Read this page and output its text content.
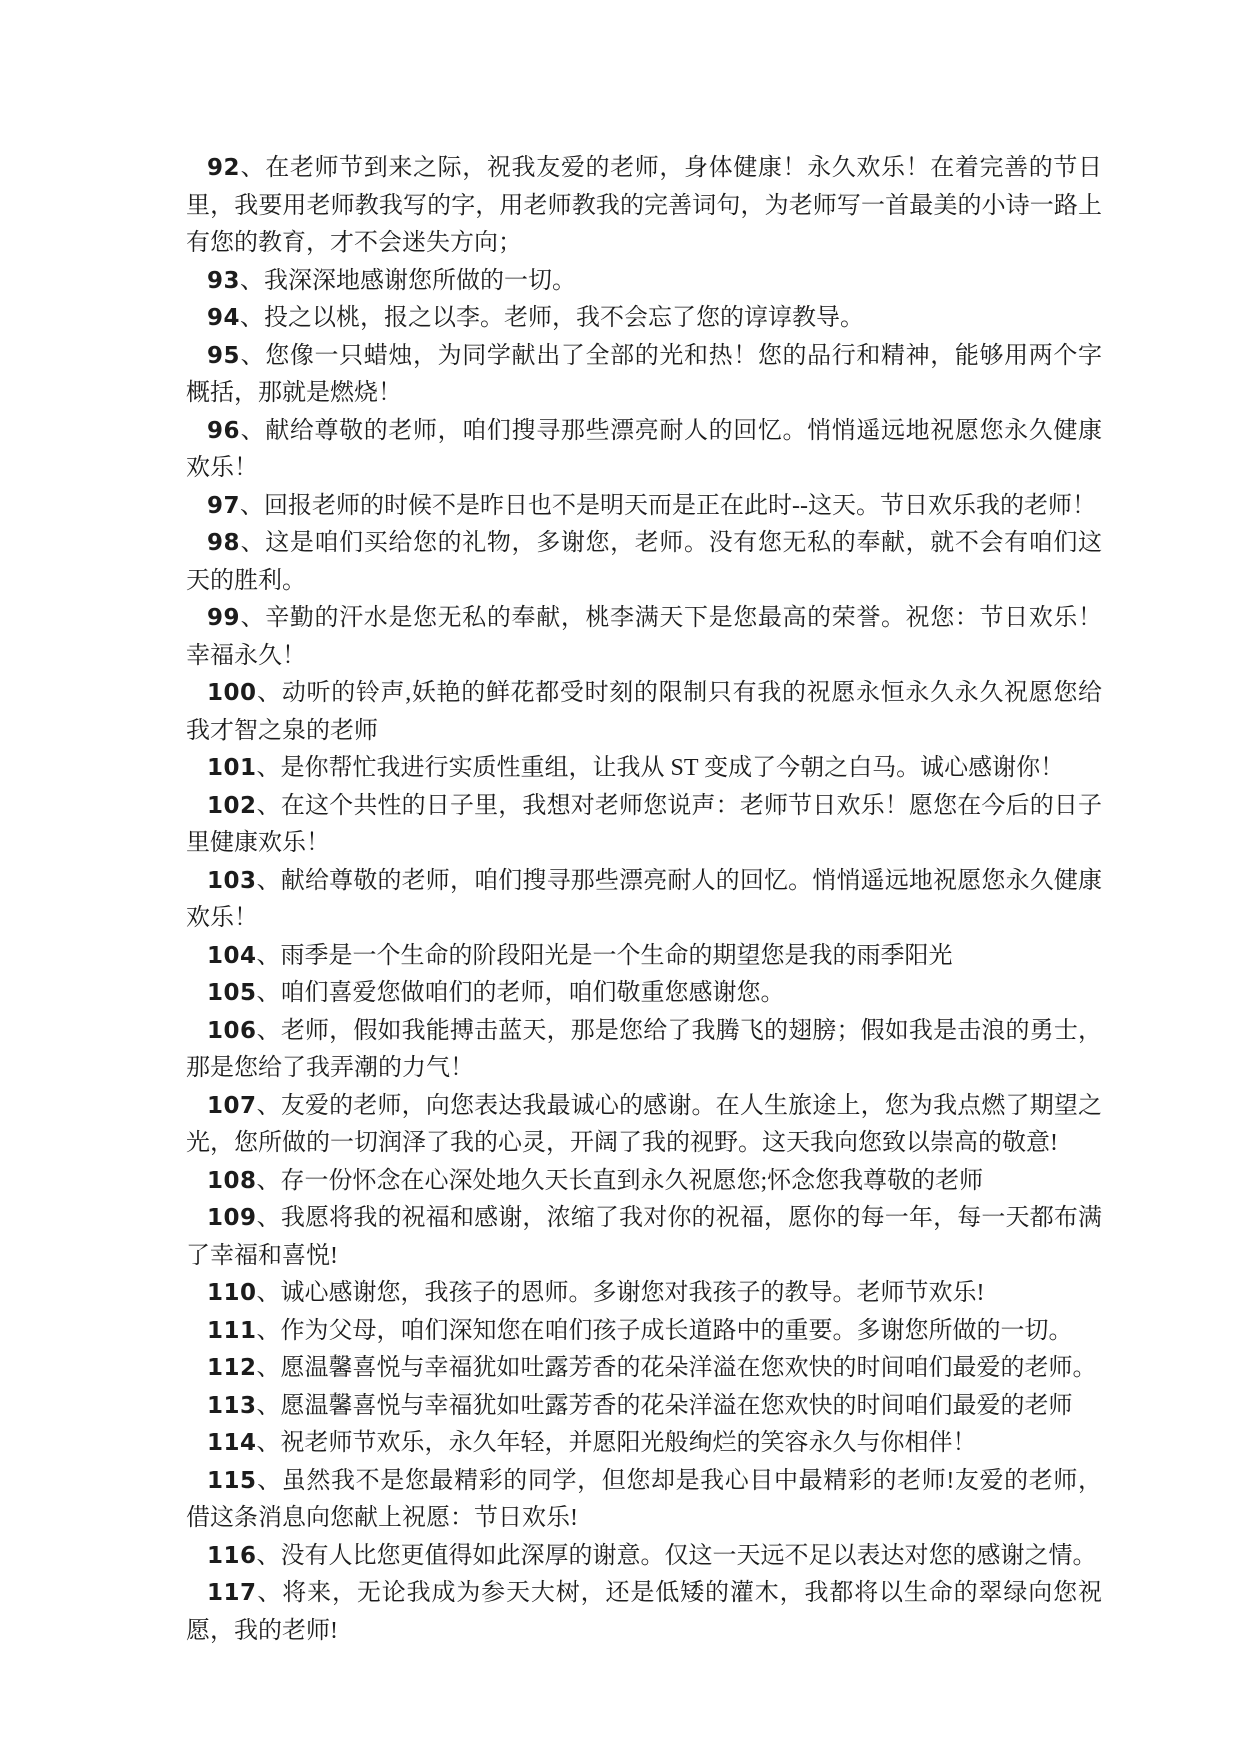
92、在老师节到来之际，祝我友爱的老师，身体健康！永久欢乐！在着完善的节日里，我要用老师教我写的字，用老师教我的完善词句，为老师写一首最美的小诗一路上有您的教育，才不会迷失方向；

93、我深深地感谢您所做的一切。

94、投之以桃，报之以李。老师，我不会忘了您的谆谆教导。

95、您像一只蜡烛，为同学献出了全部的光和热！您的品行和精神，能够用两个字概括，那就是燃烧！

96、献给尊敬的老师，咱们搜寻那些漂亮耐人的回忆。悄悄遥远地祝愿您永久健康欢乐！

97、回报老师的时候不是昨日也不是明天而是正在此时--这天。节日欢乐我的老师！

98、这是咱们买给您的礼物，多谢您，老师。没有您无私的奉献，就不会有咱们这天的胜利。

99、辛勤的汗水是您无私的奉献，桃李满天下是您最高的荣誉。祝您：节日欢乐！幸福永久！

100、动听的铃声,妖艳的鲜花都受时刻的限制只有我的祝愿永恒永久永久祝愿您给我才智之泉的老师

101、是你帮忙我进行实质性重组，让我从 ST 变成了今朝之白马。诚心感谢你！

102、在这个共性的日子里，我想对老师您说声：老师节日欢乐！愿您在今后的日子里健康欢乐！

103、献给尊敬的老师，咱们搜寻那些漂亮耐人的回忆。悄悄遥远地祝愿您永久健康欢乐！

104、雨季是一个生命的阶段阳光是一个生命的期望您是我的雨季阳光

105、咱们喜爱您做咱们的老师，咱们敬重您感谢您。

106、老师，假如我能搏击蓝天，那是您给了我腾飞的翅膀；假如我是击浪的勇士，那是您给了我弄潮的力气！

107、友爱的老师，向您表达我最诚心的感谢。在人生旅途上，您为我点燃了期望之光，您所做的一切润泽了我的心灵，开阔了我的视野。这天我向您致以崇高的敬意!

108、存一份怀念在心深处地久天长直到永久祝愿您;怀念您我尊敬的老师

109、我愿将我的祝福和感谢，浓缩了我对你的祝福，愿你的每一年，每一天都布满了幸福和喜悦!

110、诚心感谢您，我孩子的恩师。多谢您对我孩子的教导。老师节欢乐!

111、作为父母，咱们深知您在咱们孩子成长道路中的重要。多谢您所做的一切。

112、愿温馨喜悦与幸福犹如吐露芳香的花朵洋溢在您欢快的时间咱们最爱的老师。

113、愿温馨喜悦与幸福犹如吐露芳香的花朵洋溢在您欢快的时间咱们最爱的老师

114、祝老师节欢乐，永久年轻，并愿阳光般绚烂的笑容永久与你相伴！

115、虽然我不是您最精彩的同学，但您却是我心目中最精彩的老师!友爱的老师，借这条消息向您献上祝愿：节日欢乐!

116、没有人比您更值得如此深厚的谢意。仅这一天远不足以表达对您的感谢之情。

117、将来，无论我成为参天大树，还是低矮的灌木，我都将以生命的翠绿向您祝愿，我的老师!
